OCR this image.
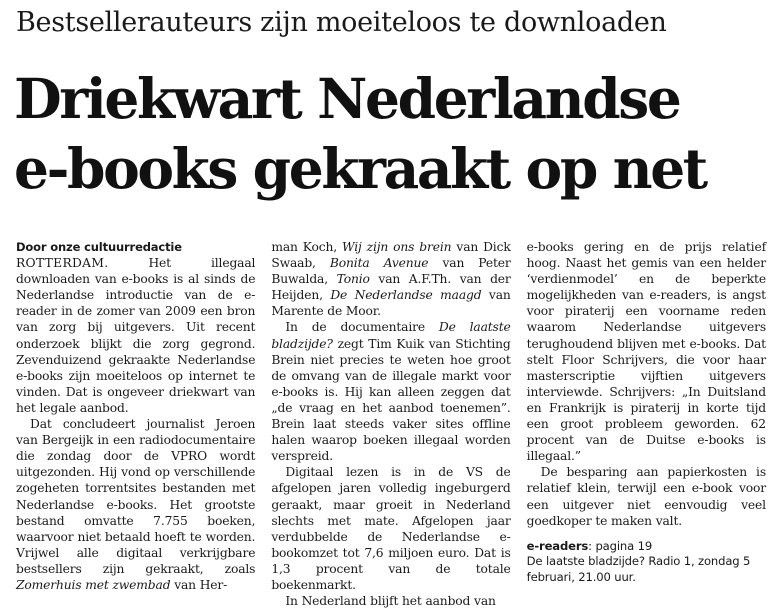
Bestsellerauteurs zijn moeiteloos te downloaden
Driekwart Nederlandse
e-books gekraakt op net
Door onze cultuurredactie

ROTTERDAM.	Het illegaal downloaden van e-books is al sinds de Nederlandse introductie van de e-reader in de zomer van 2009 een bron van zorg bij uitgevers. Uit recent onderzoek blijkt die zorg gegrond. Zevenduizend gekraakte Nederlandse e-books zijn moeiteloos op internet te vinden. Dat is ongeveer driekwart van het legale aanbod.

Dat concludeert journalist Jeroen van Bergeijk in een radiodocumentaire die zondag door de VPRO wordt uitgezonden. Hij vond op verschillende zogeheten torrentsites bestanden met Nederlandse e-books. Het grootste bestand omvatte 7.755 boeken, waarvoor niet betaald hoeft te worden. Vrijwel alle digitaal verkrijgbare bestsellers zijn gekraakt, zoals Zomerhuis met zwembad van Her-

man Koch, Wij zijn ons brein van Dick Swaab, Bonita Avenue van Peter Buwalda, Tonio van A.F.Th. van der Heijden, De Nederlandse maagd van Marente de Moor.

In de documentaire De laatste bladzijde? zegt Tim Kuik van Stichting Brein niet precies te weten hoe groot de omvang van de illegale markt voor e-books is. Hij kan alleen zeggen dat „de vraag en het aanbod toenemen”. Brein laat steeds vaker sites offline halen waarop boeken illegaal worden verspreid.

Digitaal lezen is in de VS de afgelopen jaren volledig ingeburgerd geraakt, maar groeit in Nederland slechts met mate. Afgelopen jaar verdubbelde de Nederlandse e-bookomzet tot 7,6 miljoen euro. Dat is 1,3 procent van de totale boekenmarkt.

In Nederland blijft het aanbod van

e-books gering en de prijs relatief hoog. Naast het gemis van een helder ‘verdienmodel’ en de beperkte mogelijkheden van e-readers, is angst voor piraterij een voorname reden waarom Nederlandse uitgevers terughoudend blijven met e-books. Dat stelt Floor Schrijvers, die voor haar masterscriptie vijftien uitgevers interviewde. Schrijvers: „In Duitsland en Frankrijk is piraterij in korte tijd een groot probleem geworden. 62 procent van de Duitse e-books is illegaal.”

De besparing aan papierkosten is relatief klein, terwijl een e-book voor een uitgever niet eenvoudig veel goedkoper te maken valt.

e-readers: pagina 19
De laatste bladzijde? Radio 1, zondag 5 februari, 21.00 uur.
